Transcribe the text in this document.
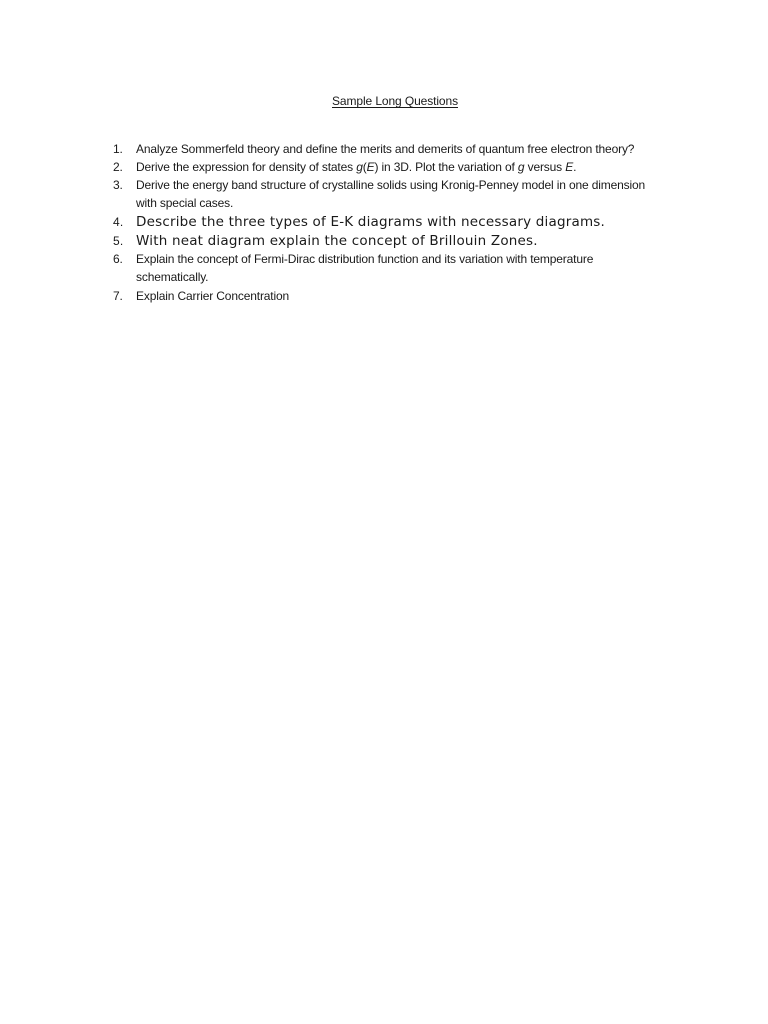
Sample Long Questions
1.	Analyze Sommerfeld theory and define the merits and demerits of quantum free electron theory?
2.	Derive the expression for density of states g(E) in 3D. Plot the variation of g versus E.
3.	Derive the energy band structure of crystalline solids using Kronig-Penney model in one dimension with special cases.
4. Describe the three types of E-K diagrams with necessary diagrams.
5. With neat diagram explain the concept of Brillouin Zones.
6.	Explain the concept of Fermi-Dirac distribution function and its variation with temperature schematically.
7.	Explain Carrier Concentration
